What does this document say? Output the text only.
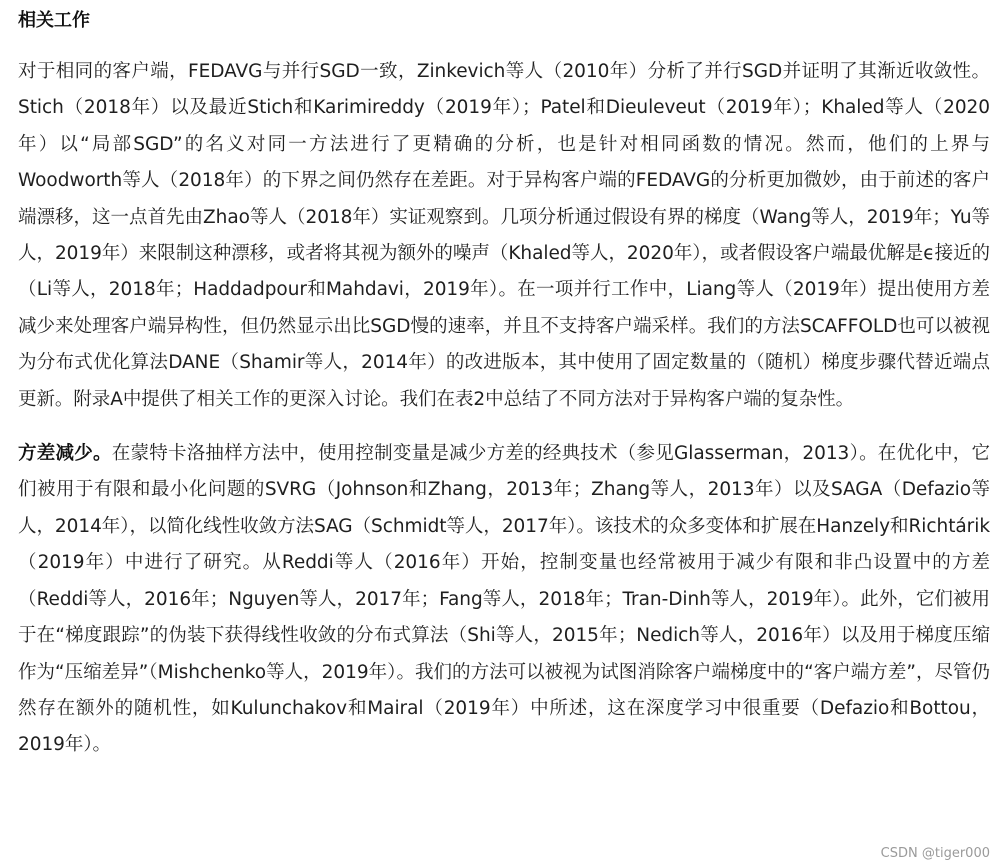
相关工作

对于相同的客户端，FEDAVG与并行SGD一致，Zinkevich等人（2010年）分析了并行SGD并证明了其渐近收敛性。Stich（2018年）以及最近Stich和Karimireddy（2019年）；Patel和Dieuleveut（2019年）；Khaled等人（2020年）以“局部SGD”的名义对同一方法进行了更精确的分析，也是针对相同函数的情况。然而，他们的上界与Woodworth等人（2018年）的下界之间仍然存在差距。对于异构客户端的FEDAVG的分析更加微妙，由于前述的客户端漂移，这一点首先由Zhao等人（2018年）实证观察到。几项分析通过假设有界的梯度（Wang等人，2019年；Yu等人，2019年）来限制这种漂移，或者将其视为额外的噪声（Khaled等人，2020年），或者假设客户端最优解是ϵ接近的（Li等人，2018年；Haddadpour和Mahdavi，2019年）。在一项并行工作中，Liang等人（2019年）提出使用方差减少来处理客户端异构性，但仍然显示出比SGD慢的速率，并且不支持客户端采样。我们的方法SCAFFOLD也可以被视为分布式优化算法DANE（Shamir等人，2014年）的改进版本，其中使用了固定数量的（随机）梯度步骤代替近端点更新。附录A中提供了相关工作的更深入讨论。我们在表2中总结了不同方法对于异构客户端的复杂性。

方差减少。在蒙特卡洛抽样方法中，使用控制变量是减少方差的经典技术（参见Glasserman，2013）。在优化中，它们被用于有限和最小化问题的SVRG（Johnson和Zhang，2013年；Zhang等人，2013年）以及SAGA（Defazio等人，2014年），以简化线性收敛方法SAG（Schmidt等人，2017年）。该技术的众多变体和扩展在Hanzely和Richtárik（2019年）中进行了研究。从Reddi等人（2016年）开始，控制变量也经常被用于减少有限和非凸设置中的方差（Reddi等人，2016年；Nguyen等人，2017年；Fang等人，2018年；Tran-Dinh等人，2019年）。此外，它们被用于在“梯度跟踪”的伪装下获得线性收敛的分布式算法（Shi等人，2015年；Nedich等人，2016年）以及用于梯度压缩作为“压缩差异”（Mishchenko等人，2019年）。我们的方法可以被视为试图消除客户端梯度中的“客户端方差”，尽管仍然存在额外的随机性，如Kulunchakov和Mairal（2019年）中所述，这在深度学习中很重要（Defazio和Bottou，2019年）。

CSDN @tiger000
